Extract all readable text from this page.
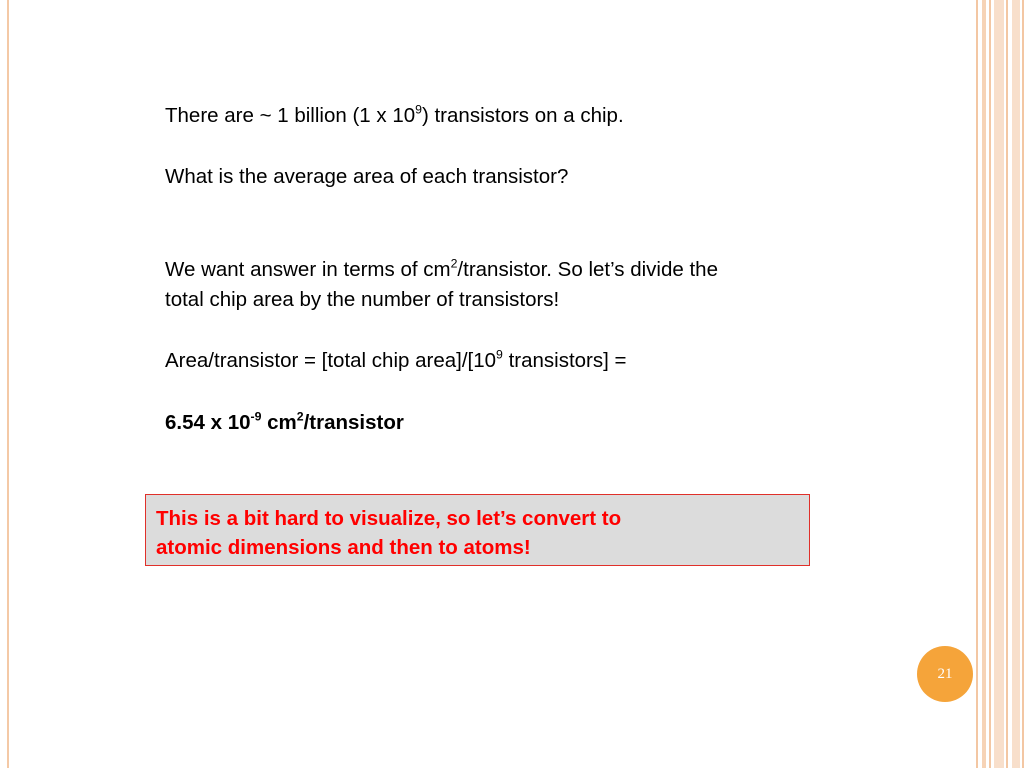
There are ~ 1 billion (1 x $10^9$) transistors on a chip.
What is the average area of each transistor?
We want answer in terms of $cm^2$/transistor. So let’s divide the
total chip area by the number of transistors!
Area/transistor = [total chip $area]/[10^9$ transistors] =
6.54 x $10^{-9}$ $cm^2$/transistor
This is a bit hard to visualize, so let’s convert to
atomic dimensions and then to atoms!
21
